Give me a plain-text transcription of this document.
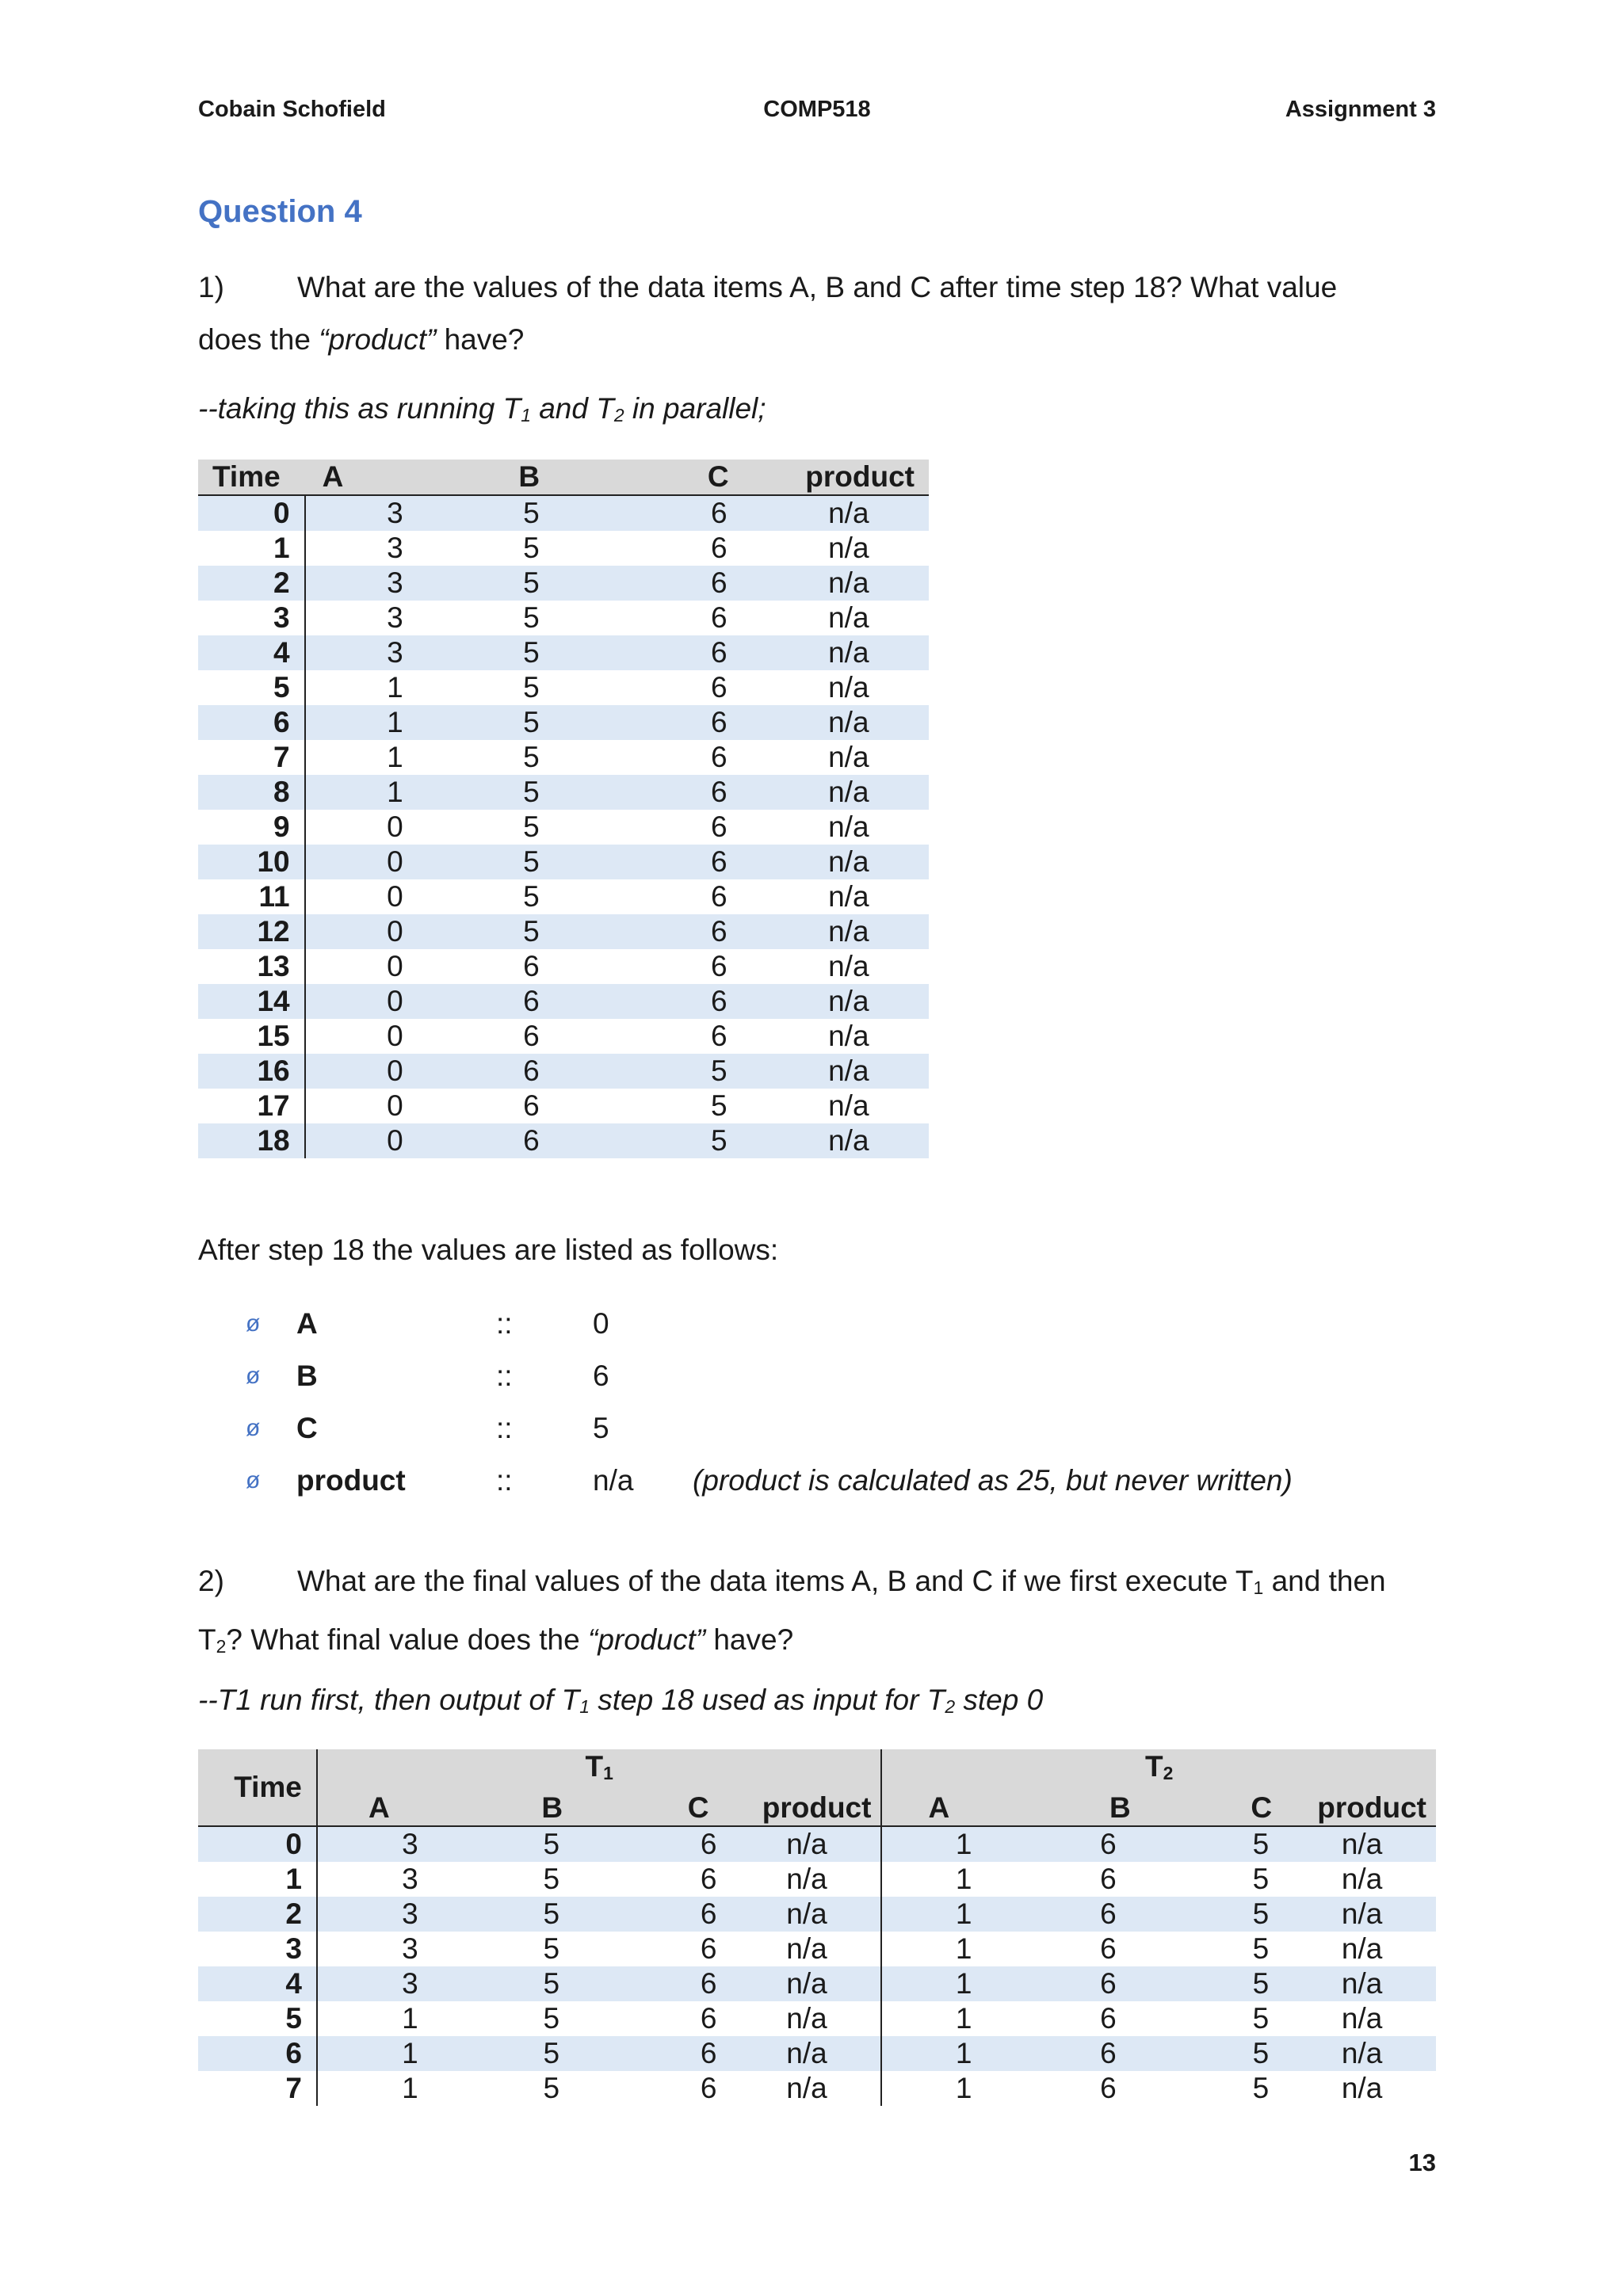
Cobain Schofield	COMP518	Assignment 3
Question 4
1) What are the values of the data items A, B and C after time step 18? What value
does the “product” have?
--taking this as running $T_1$ and $T_2$ in parallel;
Time	A	B	C	product
0	3	5	6	n/a
1	3	5	6	n/a
2	3	5	6	n/a
3	3	5	6	n/a
4	3	5	6	n/a
5	1	5	6	n/a
6	1	5	6	n/a
7	1	5	6	n/a
8	1	5	6	n/a
9	0	5	6	n/a
10	0	5	6	n/a
11	0	5	6	n/a
12	0	5	6	n/a
13	0	6	6	n/a
14	0	6	6	n/a
15	0	6	6	n/a
16	0	6	5	n/a
17	0	6	5	n/a
18	0	6	5	n/a
After step 18 the values are listed as follows:
ø A	::	0
ø B	::	6
ø C	::	5
ø product	::	n/a (product is calculated as 25, but never written)
2) What are the final values of the data items A, B and C if we first execute $T_1$ and then
$T_2$? What final value does the “product” have?
--T1 run first, then output of $T_1$ step 18 used as input for $T_2$ step 0
Time	$T_1$				$T_2$
	A	B	C	product	A	B	C	product
0	3	5	6	n/a	1	6	5	n/a
1	3	5	6	n/a	1	6	5	n/a
2	3	5	6	n/a	1	6	5	n/a
3	3	5	6	n/a	1	6	5	n/a
4	3	5	6	n/a	1	6	5	n/a
5	1	5	6	n/a	1	6	5	n/a
6	1	5	6	n/a	1	6	5	n/a
7	1	5	6	n/a	1	6	5	n/a
13
